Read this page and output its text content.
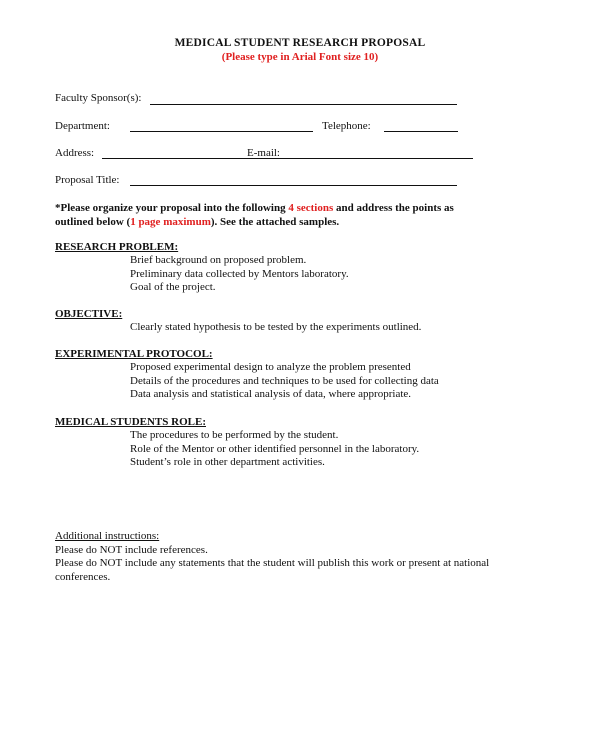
MEDICAL STUDENT RESEARCH PROPOSAL
(Please type in Arial Font size 10)
Faculty Sponsor(s):
Department:	Telephone:
Address:	E-mail:
Proposal Title:
*Please organize your proposal into the following 4 sections and address the points as
outlined below (1 page maximum). See the attached samples.
RESEARCH PROBLEM:
Brief background on proposed problem.
Preliminary data collected by Mentors laboratory.
Goal of the project.
OBJECTIVE:
Clearly stated hypothesis to be tested by the experiments outlined.
EXPERIMENTAL PROTOCOL:
Proposed experimental design to analyze the problem presented
Details of the procedures and techniques to be used for collecting data
Data analysis and statistical analysis of data, where appropriate.
MEDICAL STUDENTS ROLE:
The procedures to be performed by the student.
Role of the Mentor or other identified personnel in the laboratory.
Student’s role in other department activities.
Additional instructions:
Please do NOT include references.
Please do NOT include any statements that the student will publish this work or present at national
conferences.
